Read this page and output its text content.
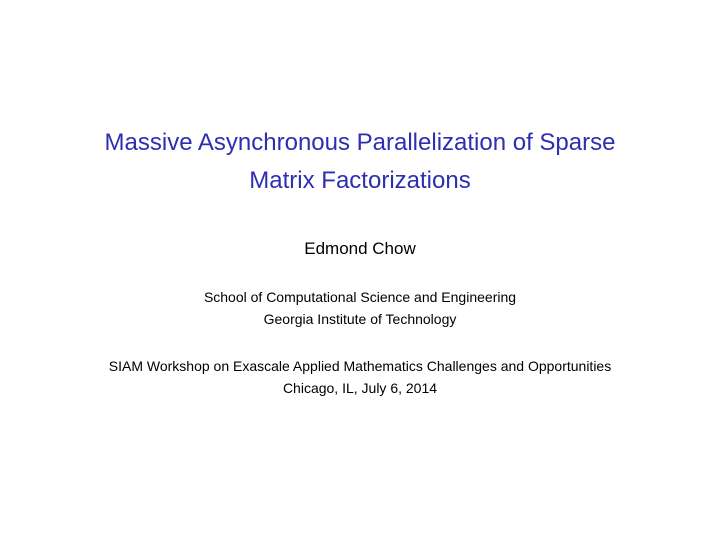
Massive Asynchronous Parallelization of Sparse
Matrix Factorizations
Edmond Chow
School of Computational Science and Engineering
Georgia Institute of Technology
SIAM Workshop on Exascale Applied Mathematics Challenges and Opportunities
Chicago, IL, July 6, 2014
